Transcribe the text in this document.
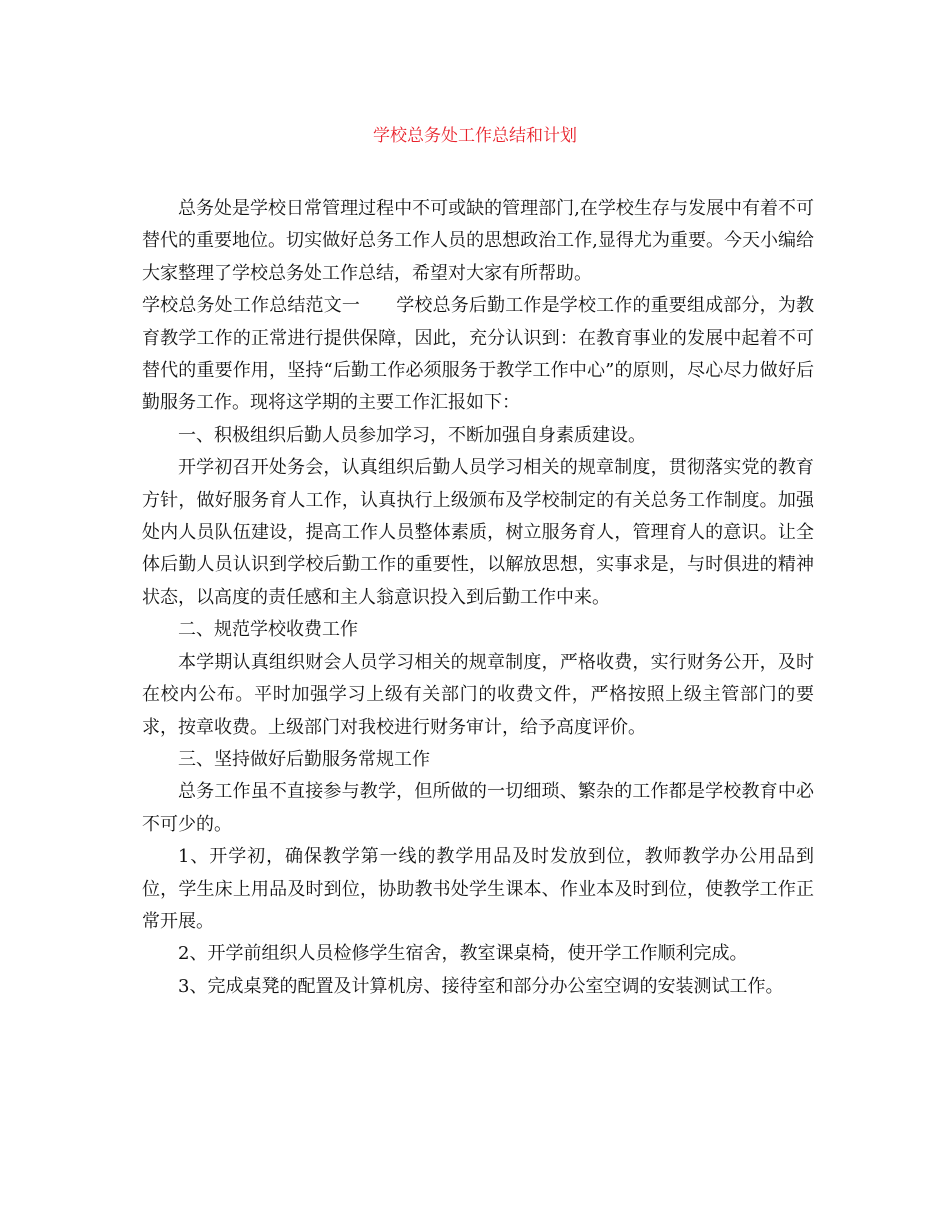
学校总务处工作总结和计划

总务处是学校日常管理过程中不可或缺的管理部门,在学校生存与发展中有着不可替代的重要地位。切实做好总务工作人员的思想政治工作,显得尤为重要。今天小编给大家整理了学校总务处工作总结，希望对大家有所帮助。

学校总务处工作总结范文一 学校总务后勤工作是学校工作的重要组成部分，为教育教学工作的正常进行提供保障，因此，充分认识到：在教育事业的发展中起着不可替代的重要作用，坚持“后勤工作必须服务于教学工作中心”的原则，尽心尽力做好后勤服务工作。现将这学期的主要工作汇报如下：

一、积极组织后勤人员参加学习，不断加强自身素质建设。

开学初召开处务会，认真组织后勤人员学习相关的规章制度，贯彻落实党的教育方针，做好服务育人工作，认真执行上级颁布及学校制定的有关总务工作制度。加强处内人员队伍建设，提高工作人员整体素质，树立服务育人，管理育人的意识。让全体后勤人员认识到学校后勤工作的重要性，以解放思想，实事求是，与时俱进的精神状态，以高度的责任感和主人翁意识投入到后勤工作中来。

二、规范学校收费工作

本学期认真组织财会人员学习相关的规章制度，严格收费，实行财务公开，及时在校内公布。平时加强学习上级有关部门的收费文件，严格按照上级主管部门的要求，按章收费。上级部门对我校进行财务审计，给予高度评价。

三、坚持做好后勤服务常规工作

总务工作虽不直接参与教学，但所做的一切细琐、繁杂的工作都是学校教育中必不可少的。

1、开学初，确保教学第一线的教学用品及时发放到位，教师教学办公用品到位，学生床上用品及时到位，协助教书处学生课本、作业本及时到位，使教学工作正常开展。

2、开学前组织人员检修学生宿舍，教室课桌椅，使开学工作顺利完成。

3、完成桌凳的配置及计算机房、接待室和部分办公室空调的安装测试工作。
